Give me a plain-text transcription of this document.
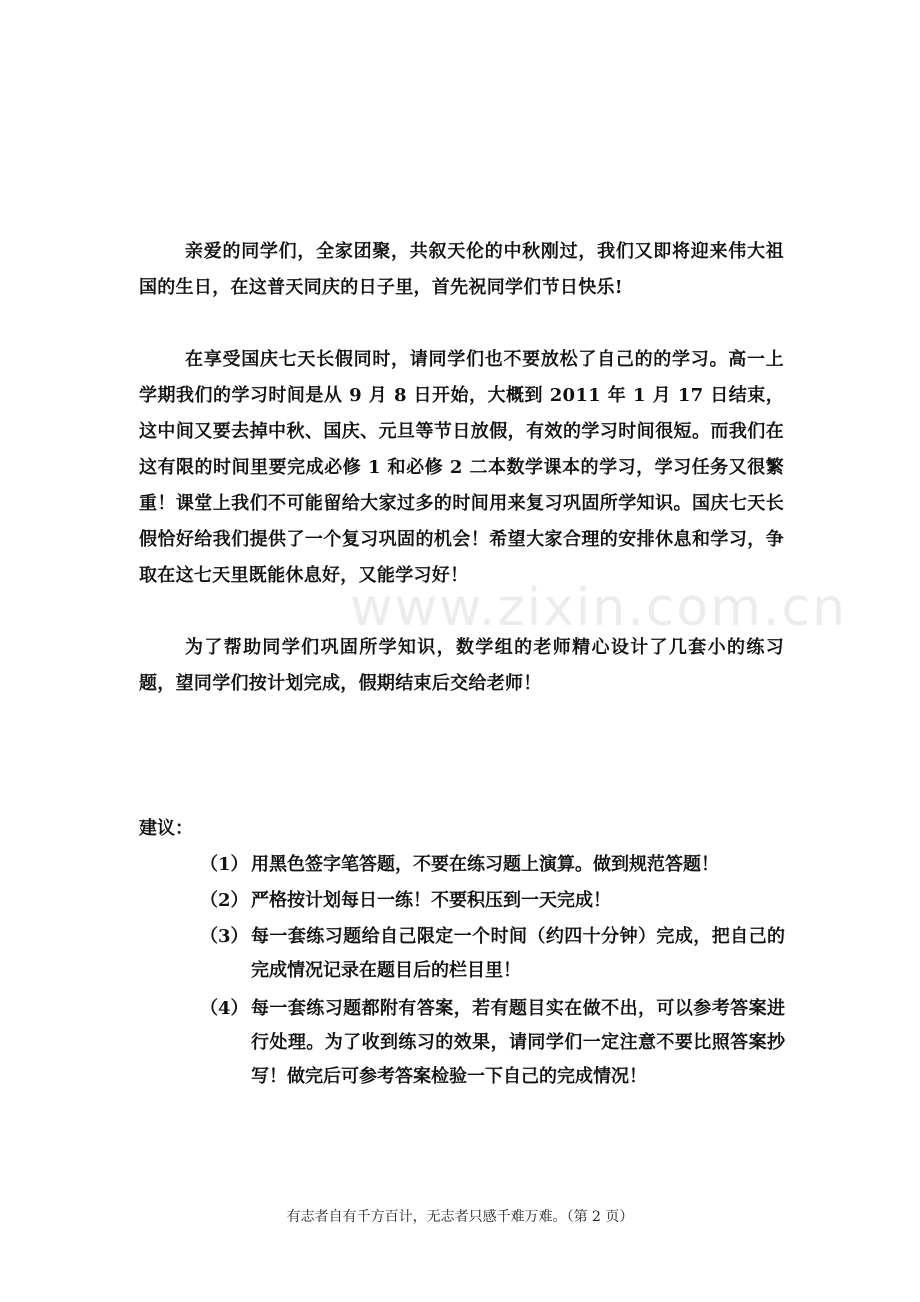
亲爱的同学们，全家团聚，共叙天伦的中秋刚过，我们又即将迎来伟大祖国的生日，在这普天同庆的日子里，首先祝同学们节日快乐!

在享受国庆七天长假同时，请同学们也不要放松了自己的的学习。高一上学期我们的学习时间是从 9 月 8 日开始，大概到 2011 年 1 月 17 日结束，这中间又要去掉中秋、国庆、元旦等节日放假，有效的学习时间很短。而我们在这有限的时间里要完成必修 1 和必修 2 二本数学课本的学习，学习任务又很繁重！课堂上我们不可能留给大家过多的时间用来复习巩固所学知识。国庆七天长假恰好给我们提供了一个复习巩固的机会！希望大家合理的安排休息和学习，争取在这七天里既能休息好，又能学习好！

www.zixin.com.cn

为了帮助同学们巩固所学知识，数学组的老师精心设计了几套小的练习题，望同学们按计划完成，假期结束后交给老师！

建议：

（1） 用黑色签字笔答题，不要在练习题上演算。做到规范答题！
（2） 严格按计划每日一练！不要积压到一天完成！
（3） 每一套练习题给自己限定一个时间（约四十分钟）完成，把自己的完成情况记录在题目后的栏目里！
（4） 每一套练习题都附有答案，若有题目实在做不出，可以参考答案进行处理。为了收到练习的效果，请同学们一定注意不要比照答案抄写！做完后可参考答案检验一下自己的完成情况！

有志者自有千方百计，无志者只感千难万难。（第 2 页）
